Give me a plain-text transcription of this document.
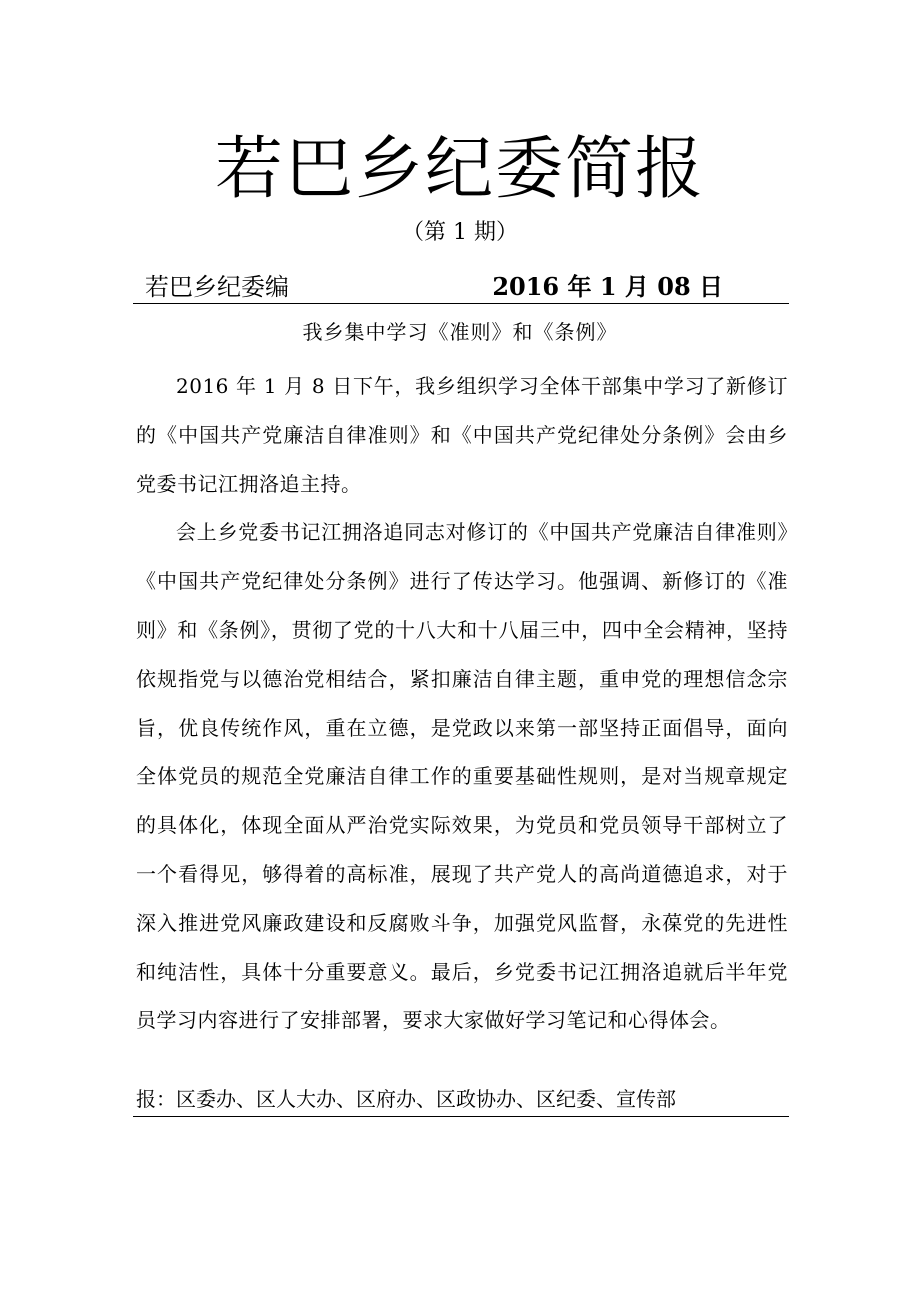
若巴乡纪委简报
（第 1 期）
若巴乡纪委编	2016 年 1 月 08 日
我乡集中学习《准则》和《条例》

2016 年 1 月 8 日下午，我乡组织学习全体干部集中学习了新修订的《中国共产党廉洁自律准则》和《中国共产党纪律处分条例》会由乡党委书记江拥洛追主持。

会上乡党委书记江拥洛追同志对修订的《中国共产党廉洁自律准则》《中国共产党纪律处分条例》进行了传达学习。他强调、新修订的《准则》和《条例》，贯彻了党的十八大和十八届三中，四中全会精神，坚持依规指党与以德治党相结合，紧扣廉洁自律主题，重申党的理想信念宗旨，优良传统作风，重在立德，是党政以来第一部坚持正面倡导，面向全体党员的规范全党廉洁自律工作的重要基础性规则，是对当规章规定的具体化，体现全面从严治党实际效果，为党员和党员领导干部树立了一个看得见，够得着的高标准，展现了共产党人的高尚道德追求，对于深入推进党风廉政建设和反腐败斗争，加强党风监督，永葆党的先进性和纯洁性，具体十分重要意义。最后，乡党委书记江拥洛追就后半年党员学习内容进行了安排部署，要求大家做好学习笔记和心得体会。

报：区委办、区人大办、区府办、区政协办、区纪委、宣传部
